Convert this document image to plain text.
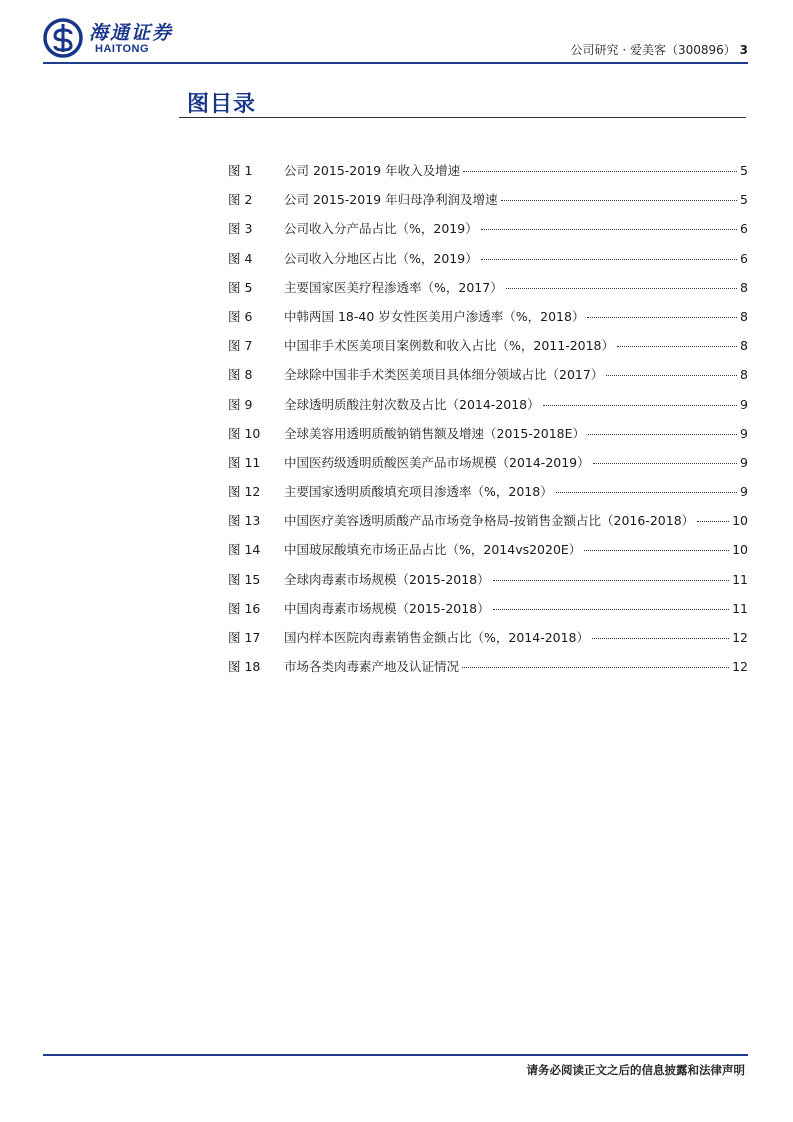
海通证券
HAITONG	公司研究 · 爱美客（300896） 3
图目录
图 1	公司 2015-2019 年收入及增速	5
图 2	公司 2015-2019 年归母净利润及增速	5
图 3	公司收入分产品占比（%，2019）	6
图 4	公司收入分地区占比（%，2019）	6
图 5	主要国家医美疗程渗透率（%，2017）	8
图 6	中韩两国 18-40 岁女性医美用户渗透率（%，2018）	8
图 7	中国非手术医美项目案例数和收入占比（%，2011-2018）	8
图 8	全球除中国非手术类医美项目具体细分领域占比（2017）	8
图 9	全球透明质酸注射次数及占比（2014-2018）	9
图 10	全球美容用透明质酸钠销售额及增速（2015-2018E）	9
图 11	中国医药级透明质酸医美产品市场规模（2014-2019）	9
图 12	主要国家透明质酸填充项目渗透率（%，2018）	9
图 13	中国医疗美容透明质酸产品市场竞争格局-按销售金额占比（2016-2018）	10
图 14	中国玻尿酸填充市场正品占比（%，2014vs2020E）	10
图 15	全球肉毒素市场规模（2015-2018）	11
图 16	中国肉毒素市场规模（2015-2018）	11
图 17	国内样本医院肉毒素销售金额占比（%，2014-2018）	12
图 18	市场各类肉毒素产地及认证情况	12
请务必阅读正文之后的信息披露和法律声明
